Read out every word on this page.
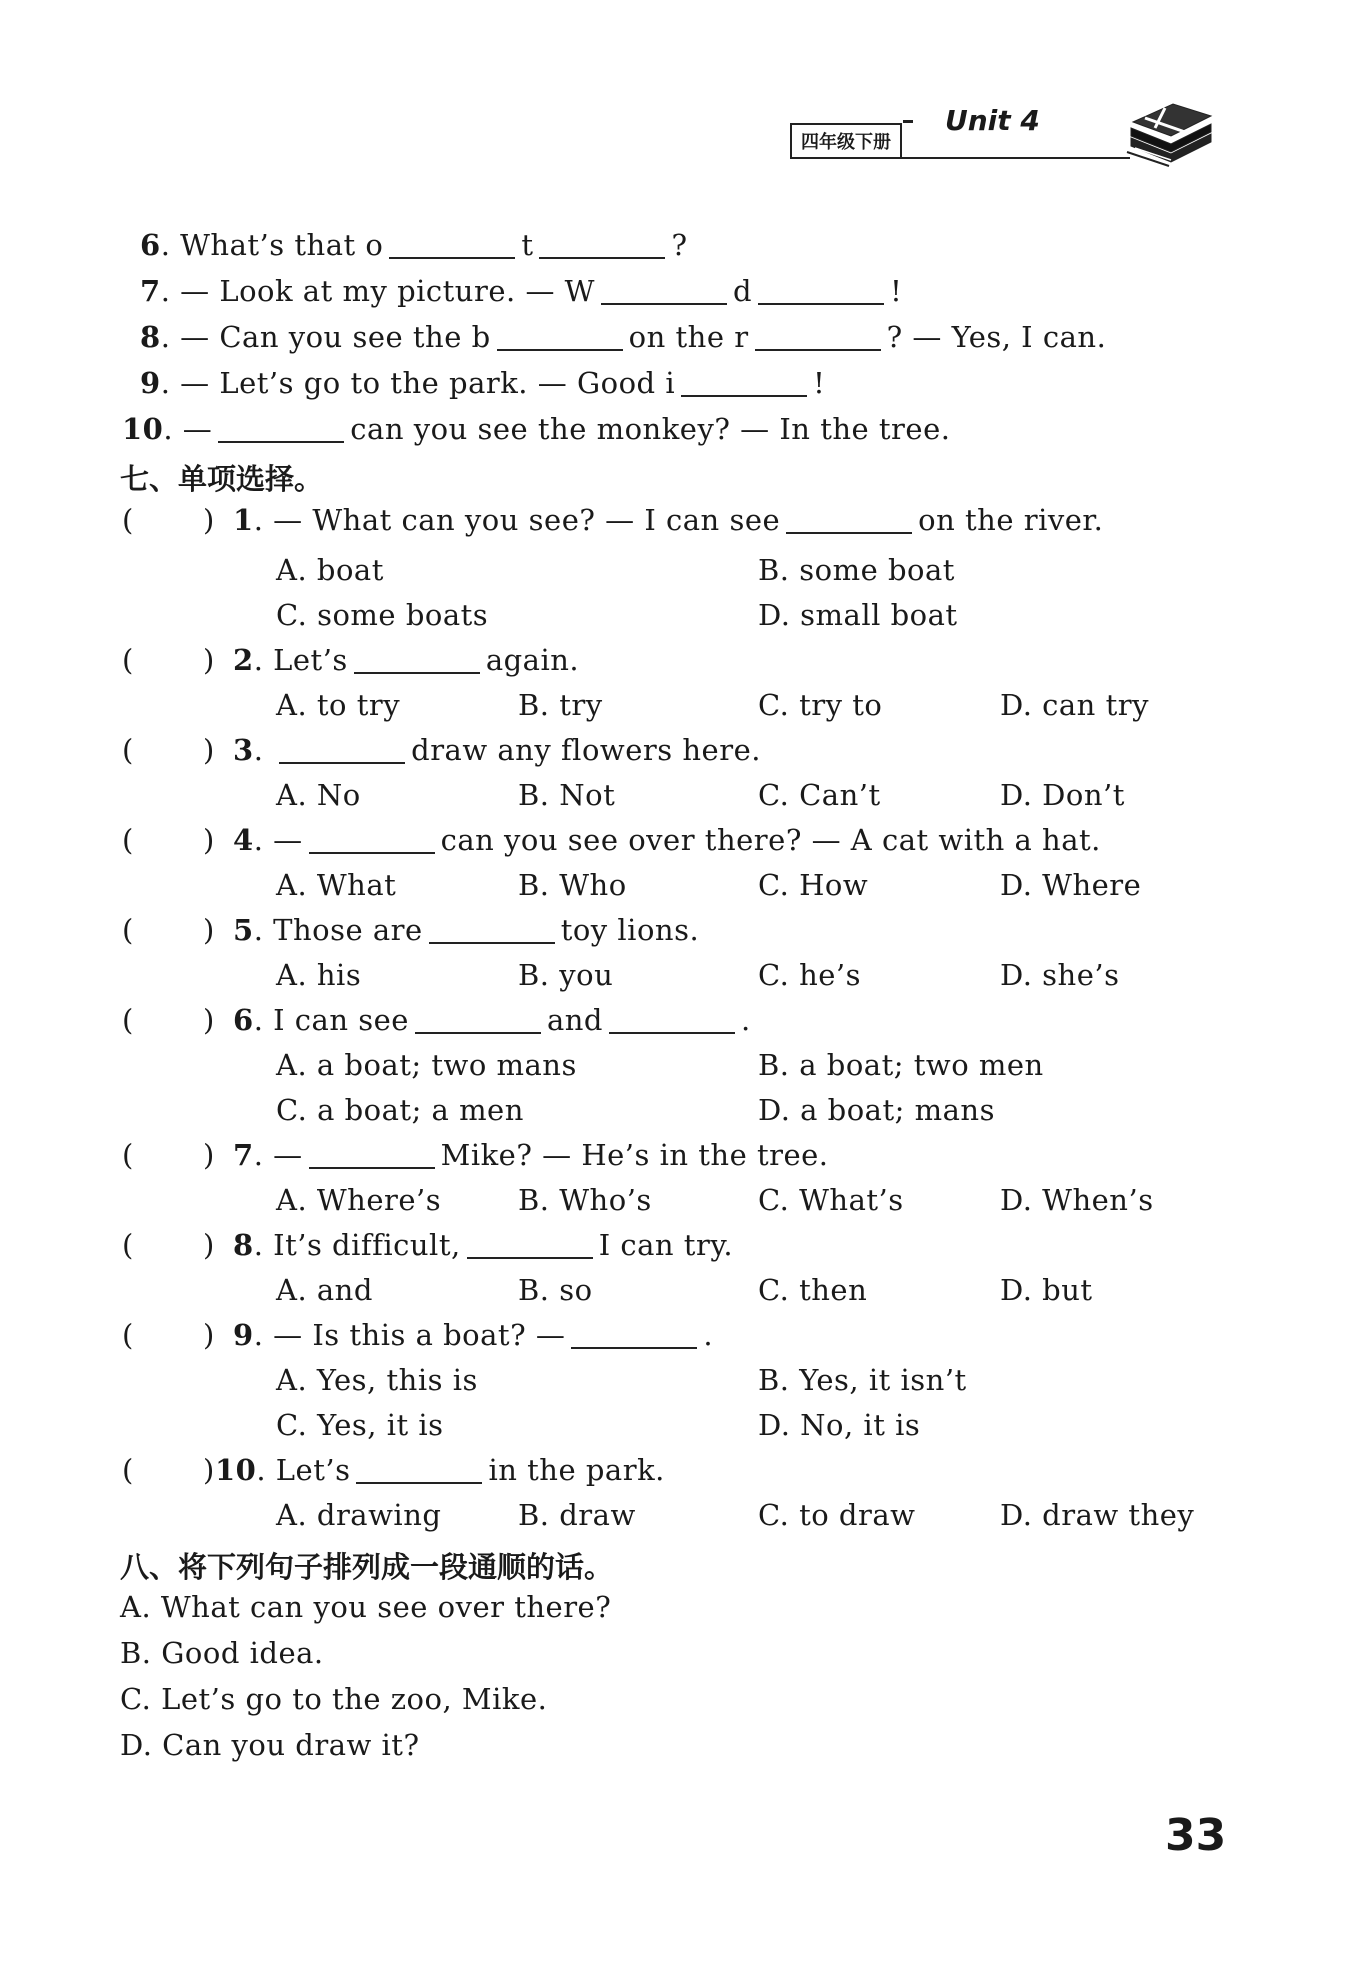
四年级下册
Unit 4
6. What’s that o	t	?
7. — Look at my picture. — W	d	!
8. — Can you see the b	on the r	? — Yes, I can.
9. — Let’s go to the park. — Good i	!
10. —	can you see the monkey? — In the tree.
七、单项选择。
( ) 1. — What can you see? — I can see	on the river.
A. boat	B. some boat
C. some boats	D. small boat
( ) 2. Let’s	again.
A. to try	B. try	C. try to	D. can try
( ) 3.	draw any flowers here.
A. No	B. Not	C. Can’t	D. Don’t
( ) 4. —	can you see over there? — A cat with a hat.
A. What	B. Who	C. How	D. Where
( ) 5. Those are	toy lions.
A. his	B. you	C. he’s	D. she’s
( ) 6. I can see	and	.
A. a boat; two mans	B. a boat; two men
C. a boat; a men	D. a boat; mans
( ) 7. —	Mike? — He’s in the tree.
A. Where’s	B. Who’s	C. What’s	D. When’s
( ) 8. It’s difficult,	I can try.
A. and	B. so	C. then	D. but
( ) 9. — Is this a boat? —	.
A. Yes, this is	B. Yes, it isn’t
C. Yes, it is	D. No, it is
( ) 10. Let’s	in the park.
A. drawing	B. draw	C. to draw	D. draw they
八、将下列句子排列成一段通顺的话。
A. What can you see over there?
B. Good idea.
C. Let’s go to the zoo, Mike.
D. Can you draw it?
33
